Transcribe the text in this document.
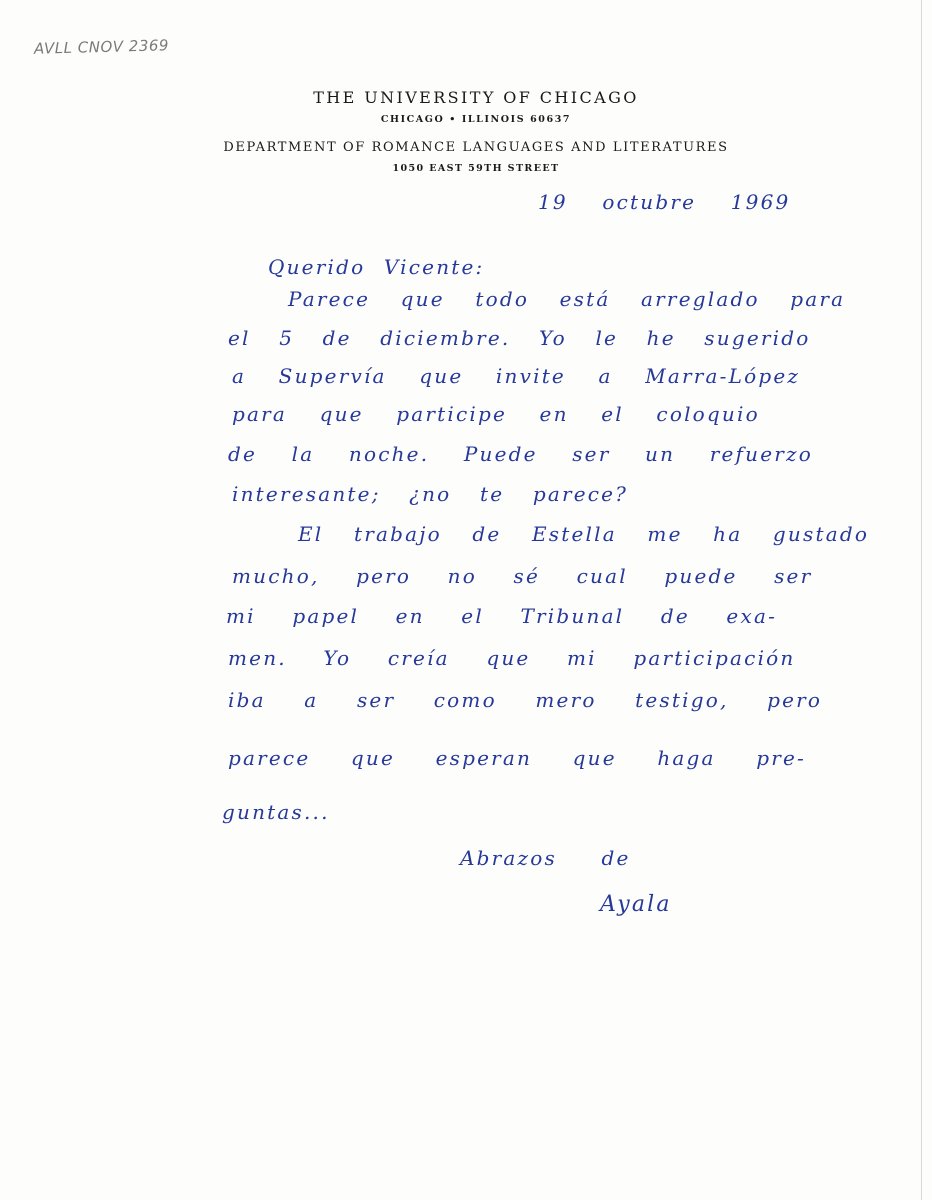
AVLL CNOV 2369
THE UNIVERSITY OF CHICAGO
CHICAGO • ILLINOIS 60637
DEPARTMENT OF ROMANCE LANGUAGES AND LITERATURES
1050 EAST 59TH STREET
19 octubre 1969
Querido Vicente:
Parece que todo está arreglado para
el 5 de diciembre. Yo le he sugerido
a Supervía que invite a Marra-López
para que participe en el coloquio
de la noche. Puede ser un refuerzo
interesante; ¿no te parece?
El trabajo de Estella me ha gustado
mucho, pero no sé cual puede ser
mi papel en el Tribunal de exa-
men. Yo creía que mi participación
iba a ser como mero testigo, pero
parece que esperan que haga pre-
guntas...
Abrazos de
Ayala
